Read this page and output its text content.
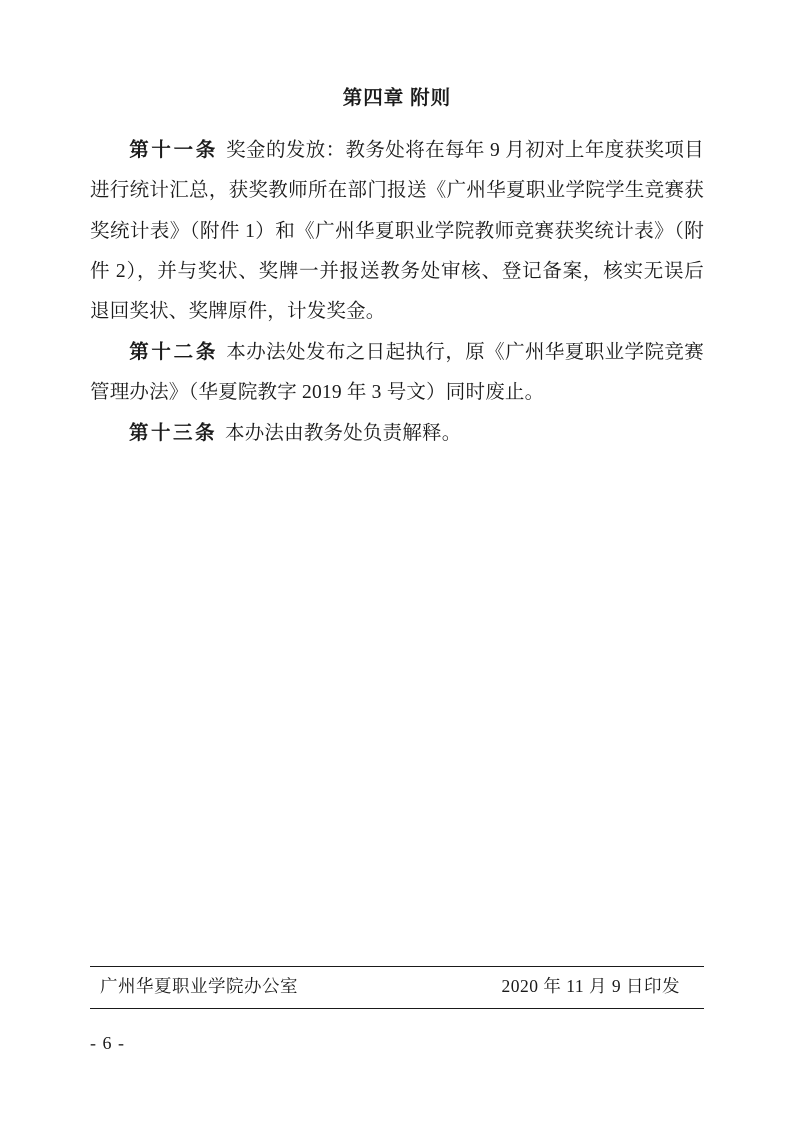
第四章 附则

第十一条 奖金的发放：教务处将在每年 9 月初对上年度获奖项目进行统计汇总，获奖教师所在部门报送《广州华夏职业学院学生竞赛获奖统计表》（附件 1）和《广州华夏职业学院教师竞赛获奖统计表》（附件 2），并与奖状、奖牌一并报送教务处审核、登记备案，核实无误后退回奖状、奖牌原件，计发奖金。

第十二条 本办法处发布之日起执行，原《广州华夏职业学院竞赛管理办法》（华夏院教字 2019 年 3 号文）同时废止。

第十三条 本办法由教务处负责解释。

广州华夏职业学院办公室	2020 年 11 月 9 日印发
- 6 -
